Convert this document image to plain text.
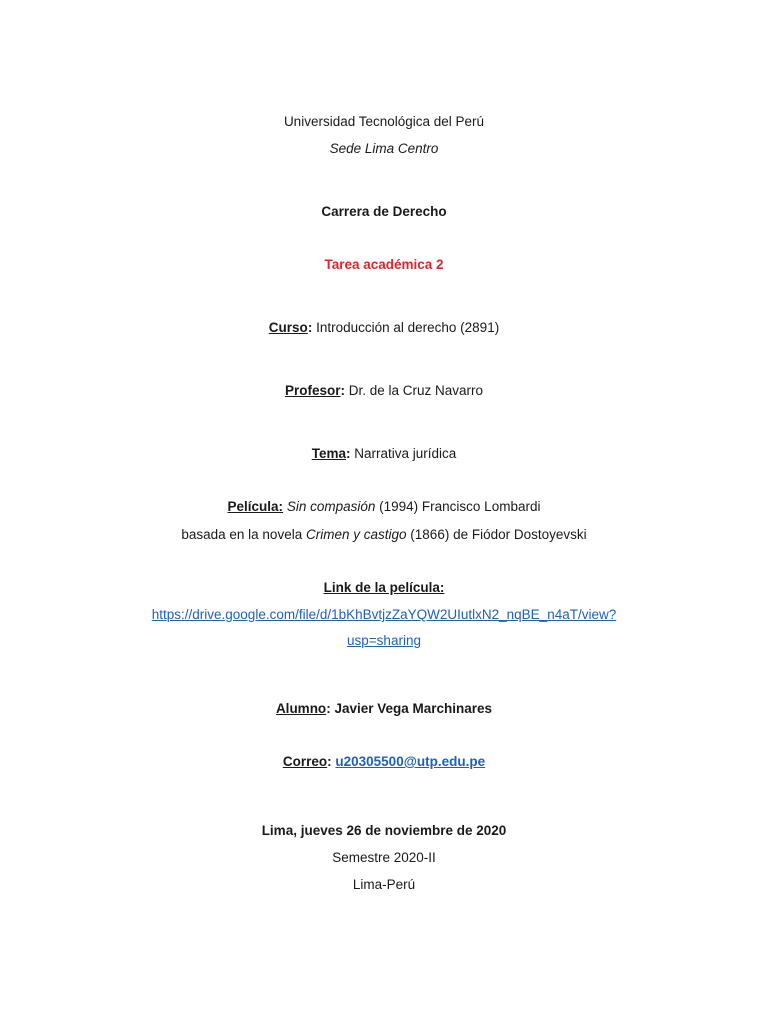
Universidad Tecnológica del Perú
Sede Lima Centro
Carrera de Derecho
Tarea académica 2
Curso: Introducción al derecho (2891)
Profesor: Dr. de la Cruz Navarro
Tema: Narrativa jurídica
Película: Sin compasión (1994) Francisco Lombardi
basada en la novela Crimen y castigo (1866) de Fiódor Dostoyevski
Link de la película:
https://drive.google.com/file/d/1bKhBvtjzZaYQW2UIutlxN2_nqBE_n4aT/view?
usp=sharing
Alumno: Javier Vega Marchinares
Correo: u20305500@utp.edu.pe
Lima, jueves 26 de noviembre de 2020
Semestre 2020-II
Lima-Perú
